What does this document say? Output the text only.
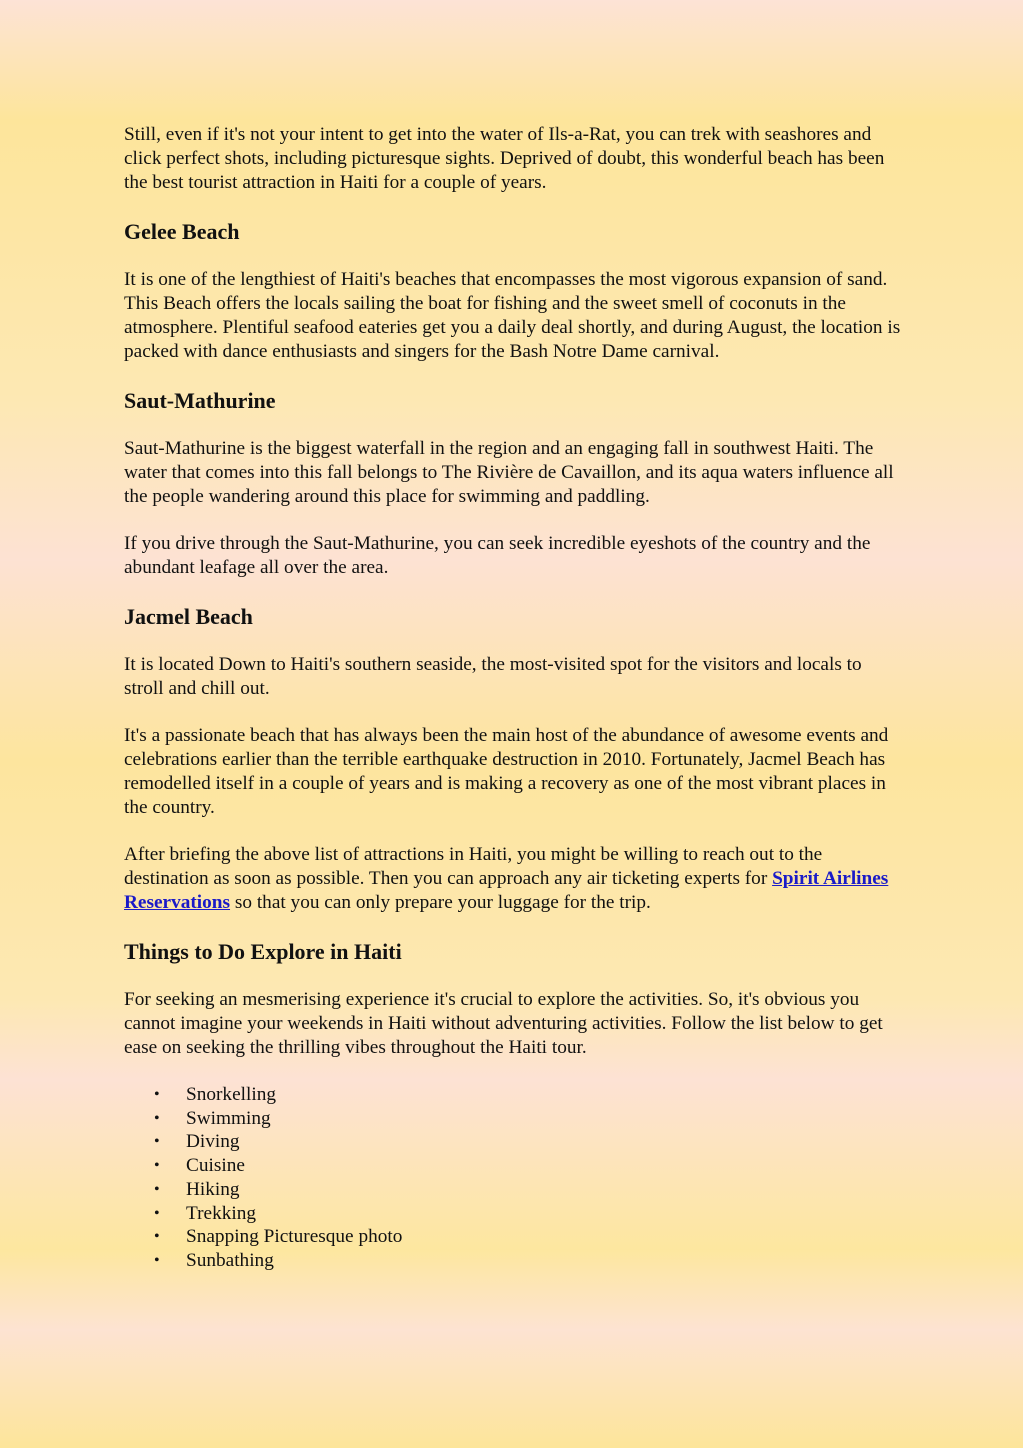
Still, even if it's not your intent to get into the water of Ils-a-Rat, you can trek with seashores and click perfect shots, including picturesque sights. Deprived of doubt, this wonderful beach has been the best tourist attraction in Haiti for a couple of years.

Gelee Beach

It is one of the lengthiest of Haiti's beaches that encompasses the most vigorous expansion of sand. This Beach offers the locals sailing the boat for fishing and the sweet smell of coconuts in the atmosphere. Plentiful seafood eateries get you a daily deal shortly, and during August, the location is packed with dance enthusiasts and singers for the Bash Notre Dame carnival.

Saut-Mathurine

Saut-Mathurine is the biggest waterfall in the region and an engaging fall in southwest Haiti. The water that comes into this fall belongs to The Rivière de Cavaillon, and its aqua waters influence all the people wandering around this place for swimming and paddling.

If you drive through the Saut-Mathurine, you can seek incredible eyeshots of the country and the abundant leafage all over the area.

Jacmel Beach

It is located Down to Haiti's southern seaside, the most-visited spot for the visitors and locals to stroll and chill out.

It's a passionate beach that has always been the main host of the abundance of awesome events and celebrations earlier than the terrible earthquake destruction in 2010. Fortunately, Jacmel Beach has remodelled itself in a couple of years and is making a recovery as one of the most vibrant places in the country.

After briefing the above list of attractions in Haiti, you might be willing to reach out to the destination as soon as possible. Then you can approach any air ticketing experts for Spirit Airlines Reservations so that you can only prepare your luggage for the trip.

Things to Do Explore in Haiti

For seeking an mesmerising experience it's crucial to explore the activities. So, it's obvious you cannot imagine your weekends in Haiti without adventuring activities. Follow the list below to get ease on seeking the thrilling vibes throughout the Haiti tour.

• Snorkelling
• Swimming
• Diving
• Cuisine
• Hiking
• Trekking
• Snapping Picturesque photo
• Sunbathing
